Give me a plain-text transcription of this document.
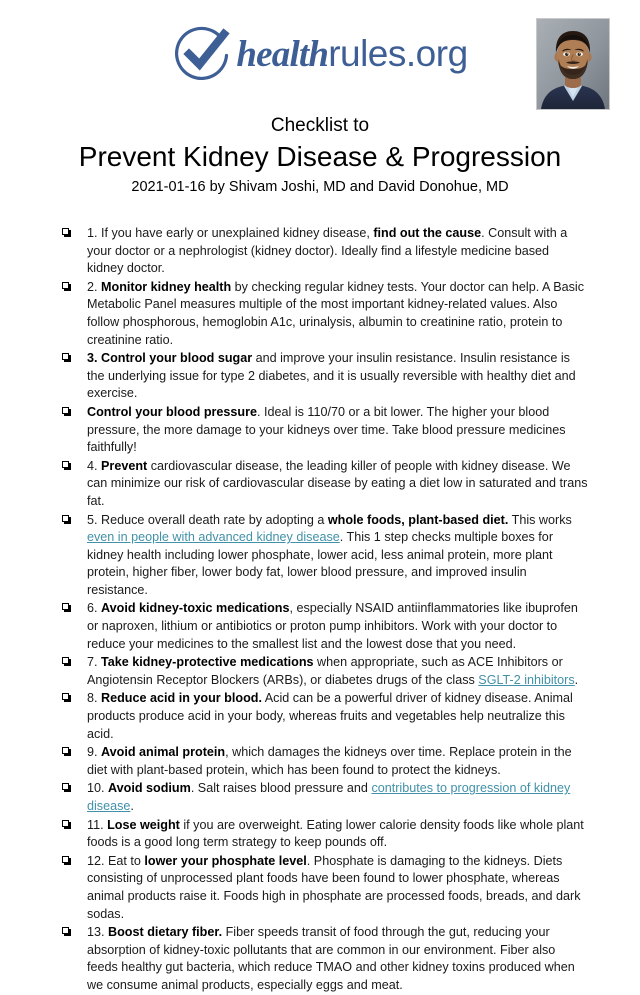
healthrules.org
Checklist to
Prevent Kidney Disease & Progression
2021-01-16 by Shivam Joshi, MD and David Donohue, MD
1. If you have early or unexplained kidney disease, find out the cause. Consult with a your doctor or a nephrologist (kidney doctor). Ideally find a lifestyle medicine based kidney doctor.
2. Monitor kidney health by checking regular kidney tests. Your doctor can help. A Basic Metabolic Panel measures multiple of the most important kidney-related values. Also follow phosphorous, hemoglobin A1c, urinalysis, albumin to creatinine ratio, protein to creatinine ratio.
3. Control your blood sugar and improve your insulin resistance. Insulin resistance is the underlying issue for type 2 diabetes, and it is usually reversible with healthy diet and exercise.
Control your blood pressure. Ideal is 110/70 or a bit lower. The higher your blood pressure, the more damage to your kidneys over time. Take blood pressure medicines faithfully!
4. Prevent cardiovascular disease, the leading killer of people with kidney disease. We can minimize our risk of cardiovascular disease by eating a diet low in saturated and trans fat.
5. Reduce overall death rate by adopting a whole foods, plant-based diet. This works even in people with advanced kidney disease. This 1 step checks multiple boxes for kidney health including lower phosphate, lower acid, less animal protein, more plant protein, higher fiber, lower body fat, lower blood pressure, and improved insulin resistance.
6. Avoid kidney-toxic medications, especially NSAID antiinflammatories like ibuprofen or naproxen, lithium or antibiotics or proton pump inhibitors. Work with your doctor to reduce your medicines to the smallest list and the lowest dose that you need.
7. Take kidney-protective medications when appropriate, such as ACE Inhibitors or Angiotensin Receptor Blockers (ARBs), or diabetes drugs of the class SGLT-2 inhibitors.
8. Reduce acid in your blood. Acid can be a powerful driver of kidney disease. Animal products produce acid in your body, whereas fruits and vegetables help neutralize this acid.
9. Avoid animal protein, which damages the kidneys over time. Replace protein in the diet with plant-based protein, which has been found to protect the kidneys.
10. Avoid sodium. Salt raises blood pressure and contributes to progression of kidney disease.
11. Lose weight if you are overweight. Eating lower calorie density foods like whole plant foods is a good long term strategy to keep pounds off.
12. Eat to lower your phosphate level. Phosphate is damaging to the kidneys. Diets consisting of unprocessed plant foods have been found to lower phosphate, whereas animal products raise it. Foods high in phosphate are processed foods, breads, and dark sodas.
13. Boost dietary fiber. Fiber speeds transit of food through the gut, reducing your absorption of kidney-toxic pollutants that are common in our environment. Fiber also feeds healthy gut bacteria, which reduce TMAO and other kidney toxins produced when we consume animal products, especially eggs and meat.
